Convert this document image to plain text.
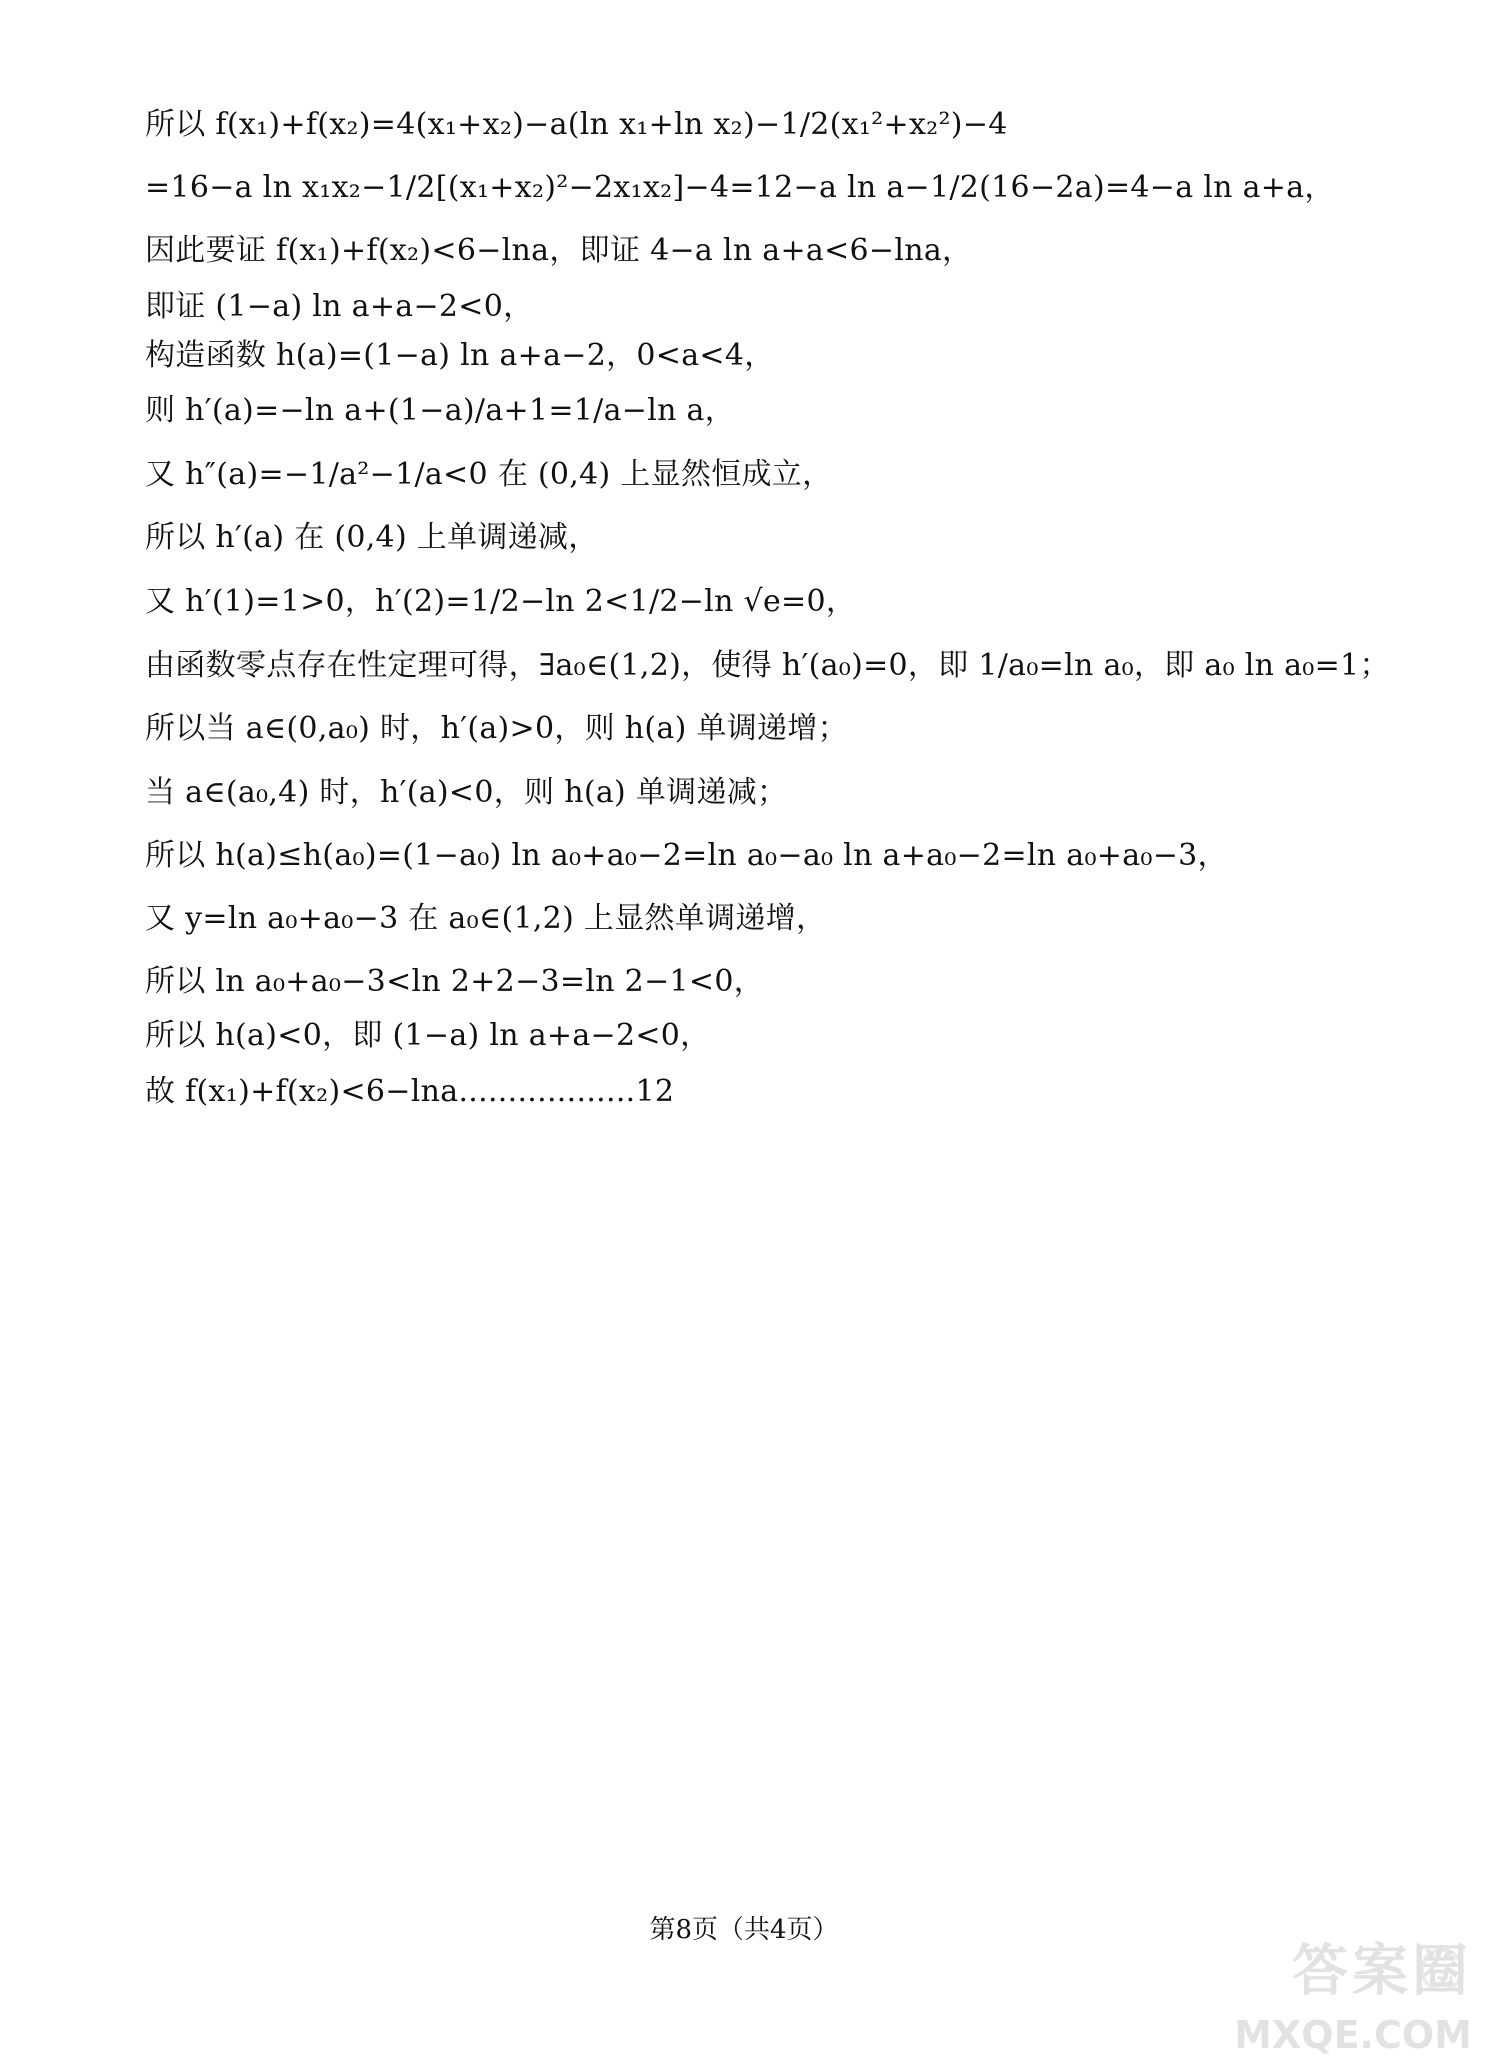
所以 f(x₁)+f(x₂)=4(x₁+x₂)−a(ln x₁+ln x₂)−1/2(x₁²+x₂²)−4
=16−a ln x₁x₂−1/2[(x₁+x₂)²−2x₁x₂]−4=12−a ln a−1/2(16−2a)=4−a ln a+a，
因此要证 f(x₁)+f(x₂)<6−lna，即证 4−a ln a+a<6−lna，
即证 (1−a) ln a+a−2<0，
构造函数 h(a)=(1−a) ln a+a−2，0<a<4，
则 h′(a)=−ln a+(1−a)/a+1=1/a−ln a，
又 h″(a)=−1/a²−1/a<0 在 (0,4) 上显然恒成立，
所以 h′(a) 在 (0,4) 上单调递减，
又 h′(1)=1>0，h′(2)=1/2−ln 2<1/2−ln √e=0，
由函数零点存在性定理可得，∃a₀∈(1,2)，使得 h′(a₀)=0，即 1/a₀=ln a₀，即 a₀ ln a₀=1；
所以当 a∈(0,a₀) 时，h′(a)>0，则 h(a) 单调递增；
当 a∈(a₀,4) 时，h′(a)<0，则 h(a) 单调递减；
所以 h(a)≤h(a₀)=(1−a₀) ln a₀+a₀−2=ln a₀−a₀ ln a+a₀−2=ln a₀+a₀−3，
又 y=ln a₀+a₀−3 在 a₀∈(1,2) 上显然单调递增，
所以 ln a₀+a₀−3<ln 2+2−3=ln 2−1<0，
所以 h(a)<0，即 (1−a) ln a+a−2<0，
故 f(x₁)+f(x₂)<6−lna..................12
第8页（共4页）
答案圈
MXQE.COM
